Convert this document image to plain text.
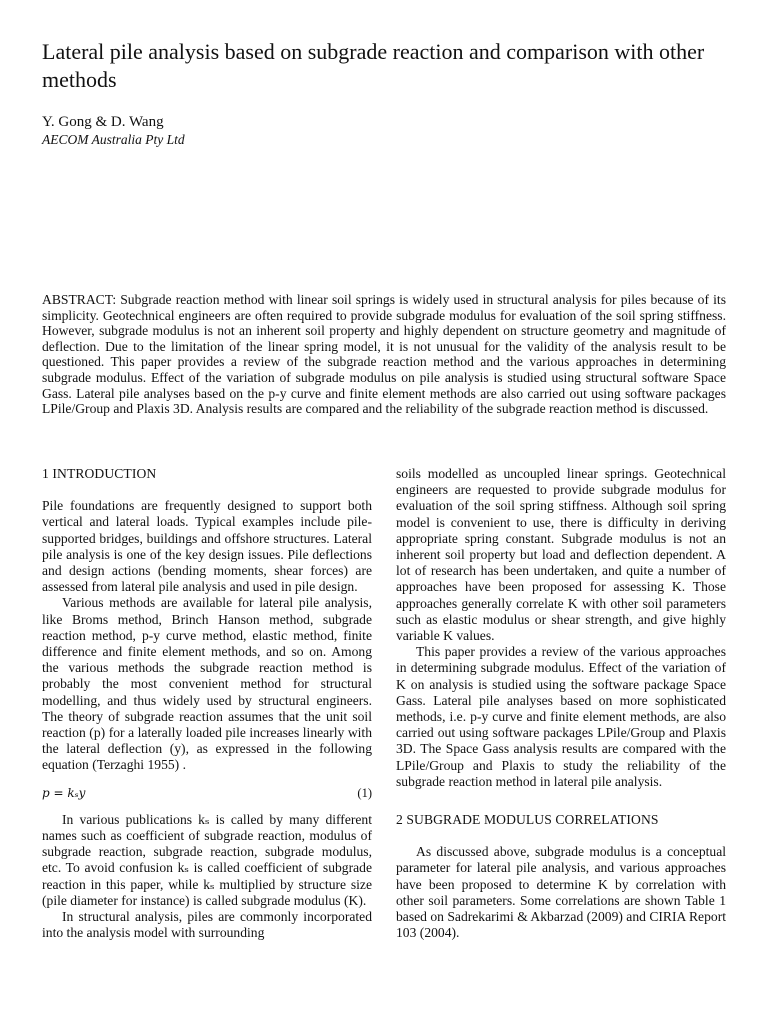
Lateral pile analysis based on subgrade reaction and comparison with other methods
Y. Gong & D. Wang
AECOM Australia Pty Ltd

ABSTRACT: Subgrade reaction method with linear soil springs is widely used in structural analysis for piles because of its simplicity. Geotechnical engineers are often required to provide subgrade modulus for evaluation of the soil spring stiffness. However, subgrade modulus is not an inherent soil property and highly dependent on structure geometry and magnitude of deflection. Due to the limitation of the linear spring model, it is not unusual for the validity of the analysis result to be questioned. This paper provides a review of the subgrade reaction method and the various approaches in determining subgrade modulus. Effect of the variation of subgrade modulus on pile analysis is studied using structural software Space Gass. Lateral pile analyses based on the p-y curve and finite element methods are also carried out using software packages LPile/Group and Plaxis 3D. Analysis results are compared and the reliability of the subgrade reaction method is discussed.

1 INTRODUCTION

Pile foundations are frequently designed to support both vertical and lateral loads. Typical examples include pile-supported bridges, buildings and offshore structures. Lateral pile analysis is one of the key design issues. Pile deflections and design actions (bending moments, shear forces) are assessed from lateral pile analysis and used in pile design.

Various methods are available for lateral pile analysis, like Broms method, Brinch Hanson method, subgrade reaction method, p-y curve method, elastic method, finite difference and finite element methods, and so on. Among the various methods the subgrade reaction method is probably the most convenient method for structural modelling, and thus widely used by structural engineers. The theory of subgrade reaction assumes that the unit soil reaction (p) for a laterally loaded pile increases linearly with the lateral deflection (y), as expressed in the following equation (Terzaghi 1955) .

p = kₛy	(1)

In various publications kₛ is called by many different names such as coefficient of subgrade reaction, modulus of subgrade reaction, subgrade reaction, subgrade modulus, etc. To avoid confusion kₛ is called coefficient of subgrade reaction in this paper, while kₛ multiplied by structure size (pile diameter for instance) is called subgrade modulus (K).

In structural analysis, piles are commonly incorporated into the analysis model with surrounding

soils modelled as uncoupled linear springs. Geotechnical engineers are requested to provide subgrade modulus for evaluation of the soil spring stiffness. Although soil spring model is convenient to use, there is difficulty in deriving appropriate spring constant. Subgrade modulus is not an inherent soil property but load and deflection dependent. A lot of research has been undertaken, and quite a number of approaches have been proposed for assessing K. Those approaches generally correlate K with other soil parameters such as elastic modulus or shear strength, and give highly variable K values.

This paper provides a review of the various approaches in determining subgrade modulus. Effect of the variation of K on analysis is studied using the software package Space Gass. Lateral pile analyses based on more sophisticated methods, i.e. p-y curve and finite element methods, are also carried out using software packages LPile/Group and Plaxis 3D. The Space Gass analysis results are compared with the LPile/Group and Plaxis to study the reliability of the subgrade reaction method in lateral pile analysis.

2 SUBGRADE MODULUS CORRELATIONS

As discussed above, subgrade modulus is a conceptual parameter for lateral pile analysis, and various approaches have been proposed to determine K by correlation with other soil parameters. Some correlations are shown Table 1 based on Sadrekarimi & Akbarzad (2009) and CIRIA Report 103 (2004).
